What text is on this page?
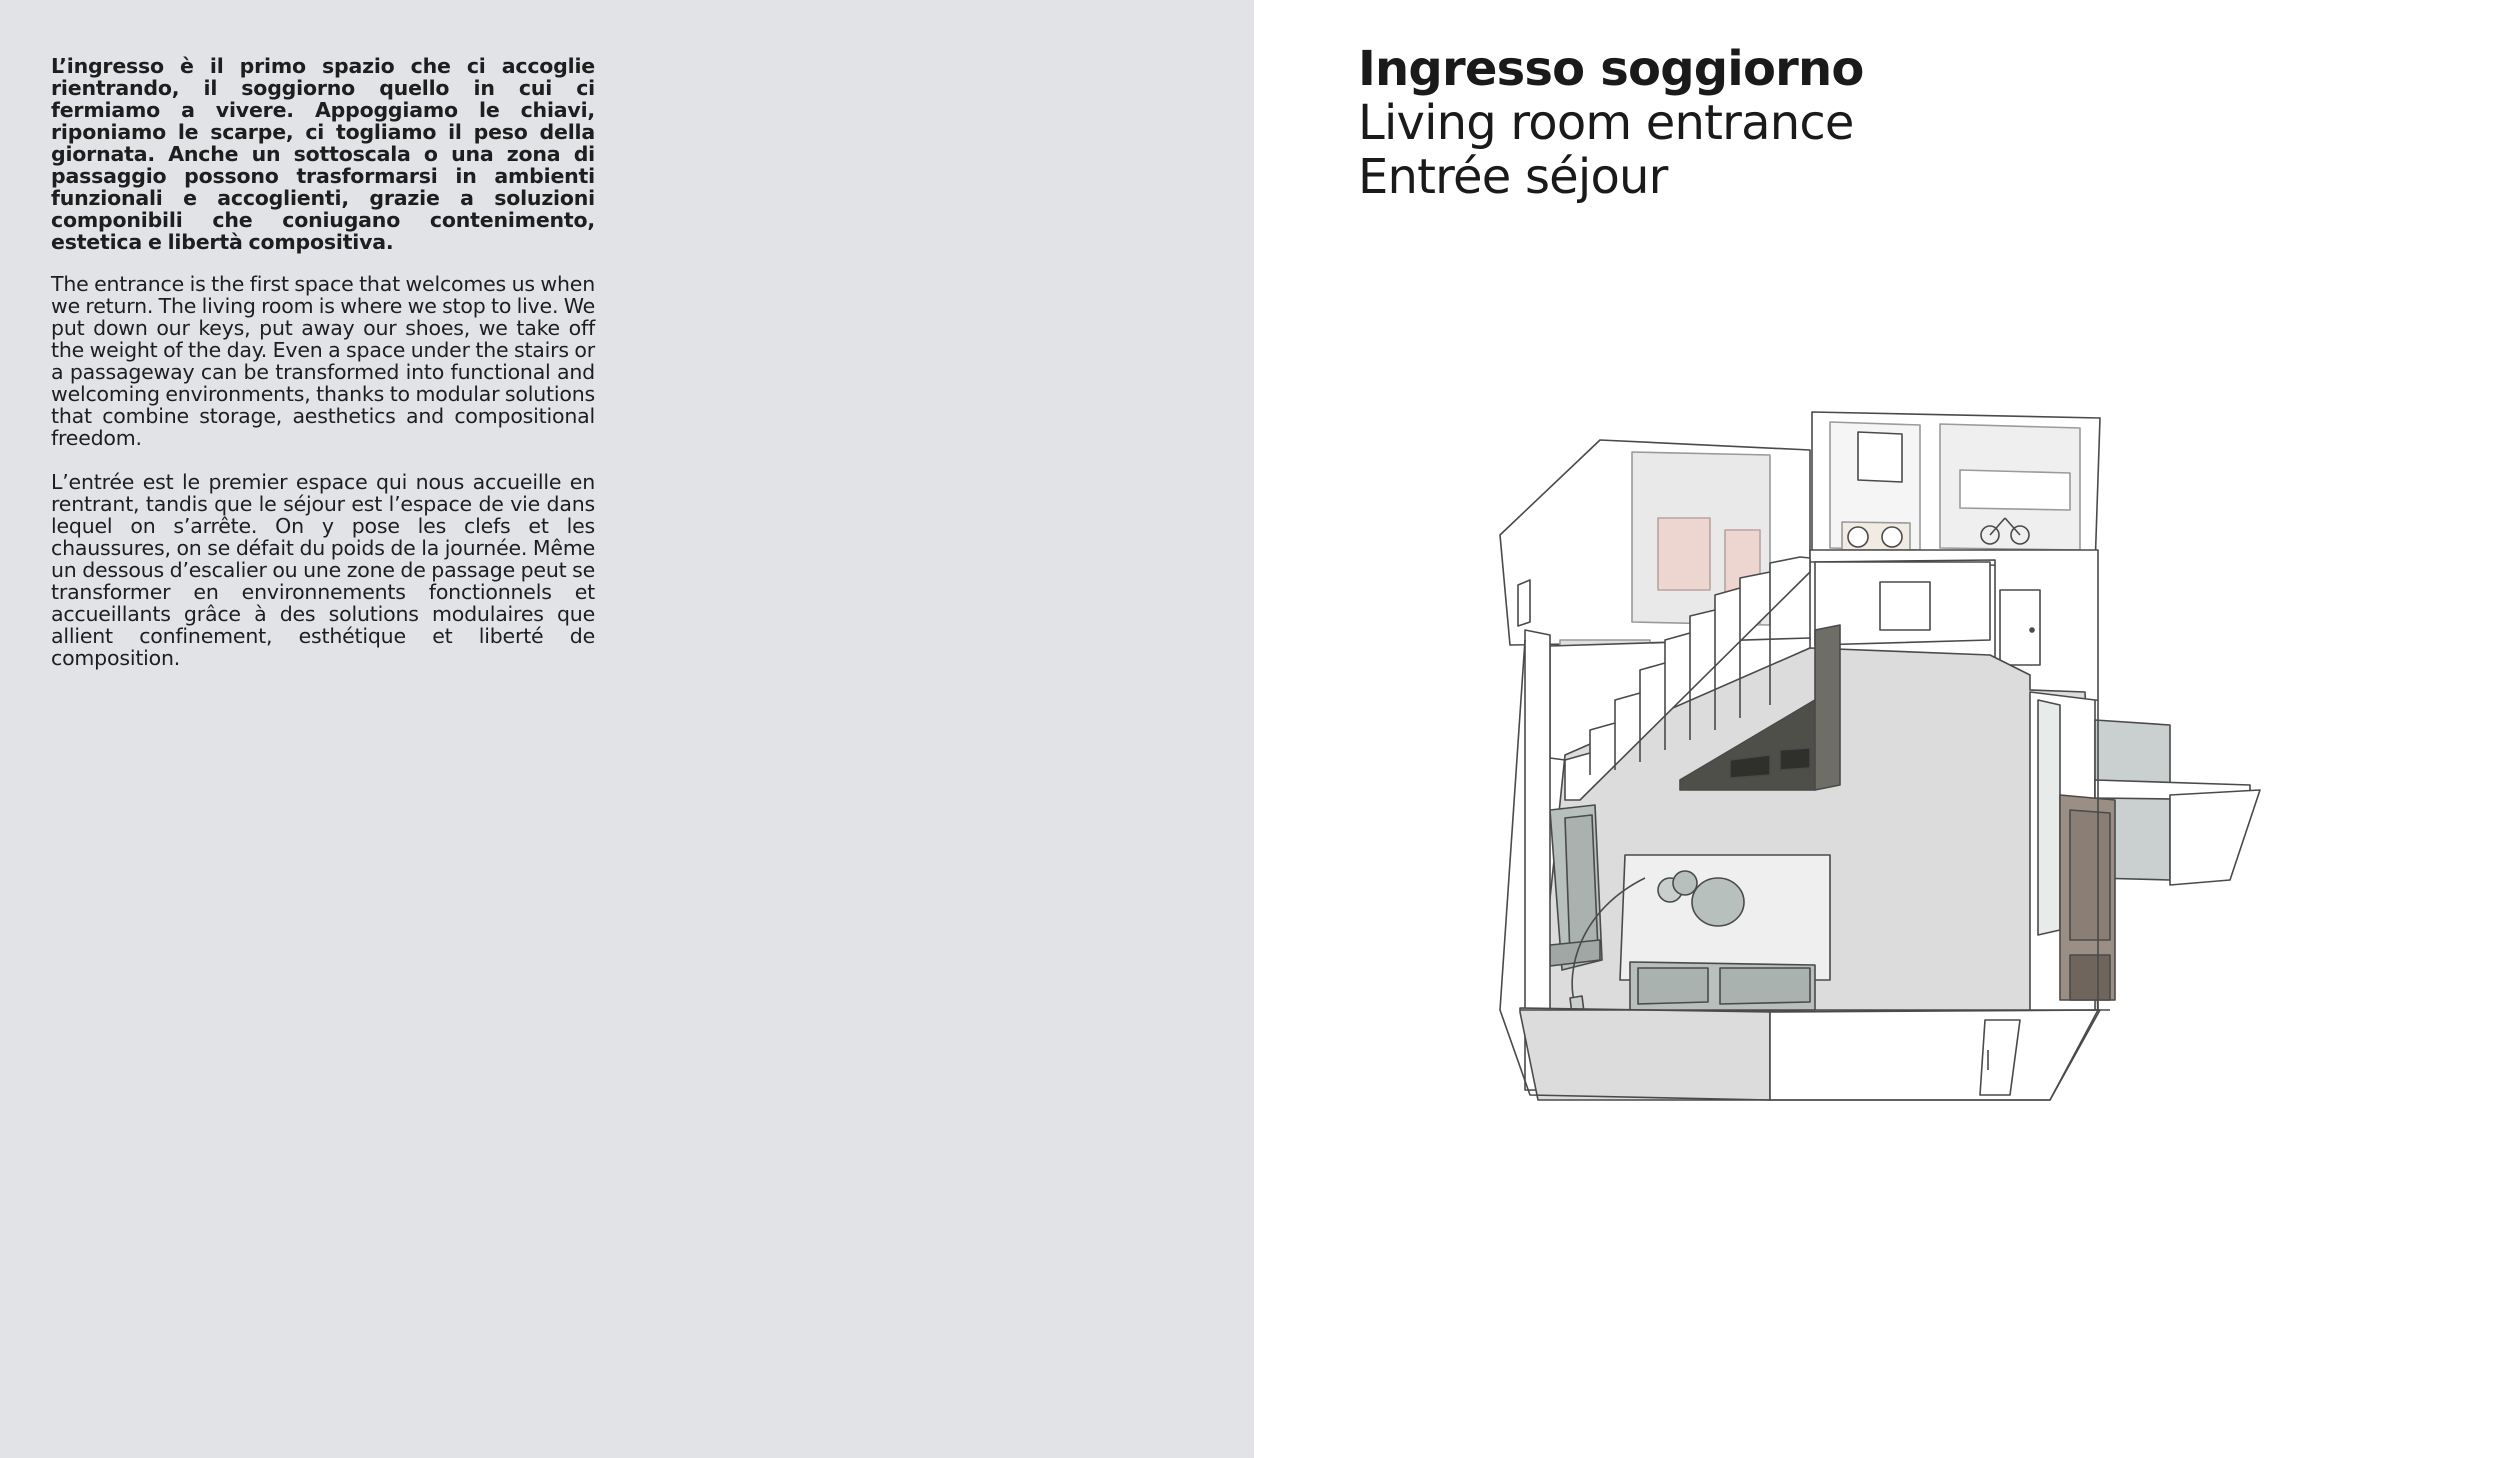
L’ingresso è il primo spazio che ci accoglie rientrando, il soggiorno quello in cui ci fermiamo a vivere. Appoggiamo le chiavi, riponiamo le scarpe, ci togliamo il peso della giornata. Anche un sottoscala o una zona di passaggio possono trasformarsi in ambienti funzionali e accoglienti, grazie a soluzioni componibili che coniugano contenimento, estetica e libertà compositiva.

The entrance is the first space that welcomes us when we return. The living room is where we stop to live. We put down our keys, put away our shoes, we take off the weight of the day. Even a space under the stairs or a passageway can be transformed into functional and welcoming environments, thanks to modular solutions that combine storage, aesthetics and compositional freedom.

L’entrée est le premier espace qui nous accueille en rentrant, tandis que le séjour est l’espace de vie dans lequel on s’arrête. On y pose les clefs et les chaussures, on se défait du poids de la journée. Même un dessous d’escalier ou une zone de passage peut se transformer en environnements fonctionnels et accueillants grâce à des solutions modulaires que allient confinement, esthétique et liberté de composition.

Ingresso soggiorno
Living room entrance
Entrée séjour
